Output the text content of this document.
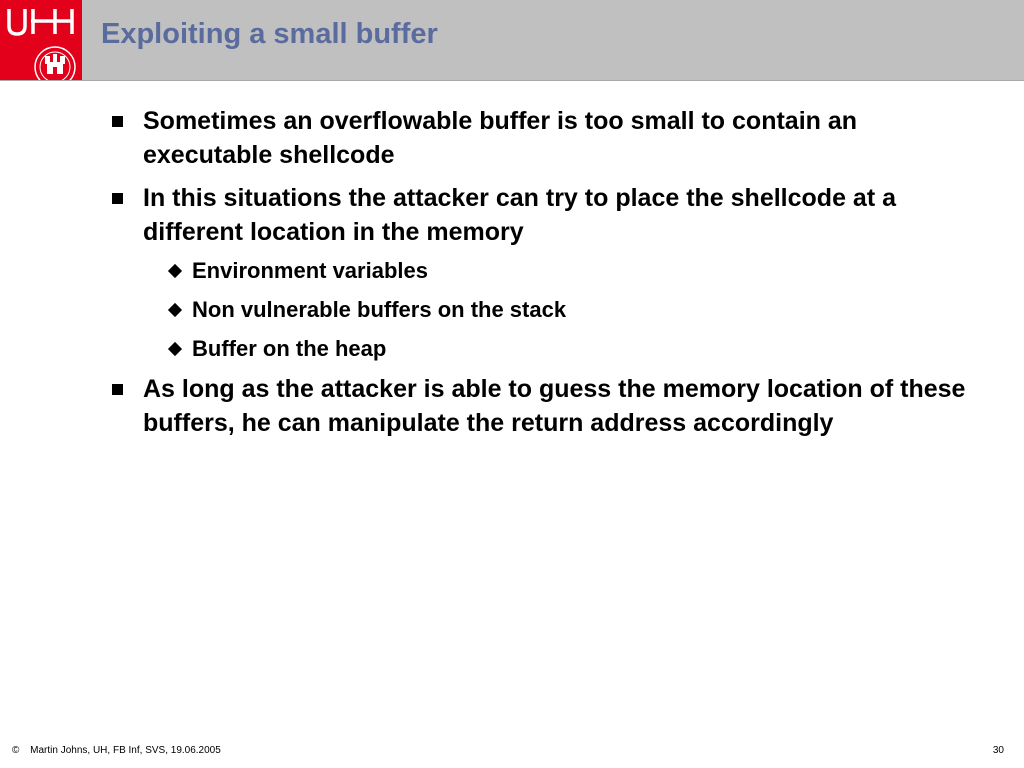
Exploiting a small buffer
Sometimes an overflowable buffer is too small to contain an executable shellcode
In this situations the attacker can try to place the shellcode at a different location in the memory
Environment variables
Non vulnerable buffers on the stack
Buffer on the heap
As long as the attacker is able to guess the memory location of these buffers, he can manipulate the return address accordingly
© Martin Johns, UH, FB Inf, SVS, 19.06.2005	30
